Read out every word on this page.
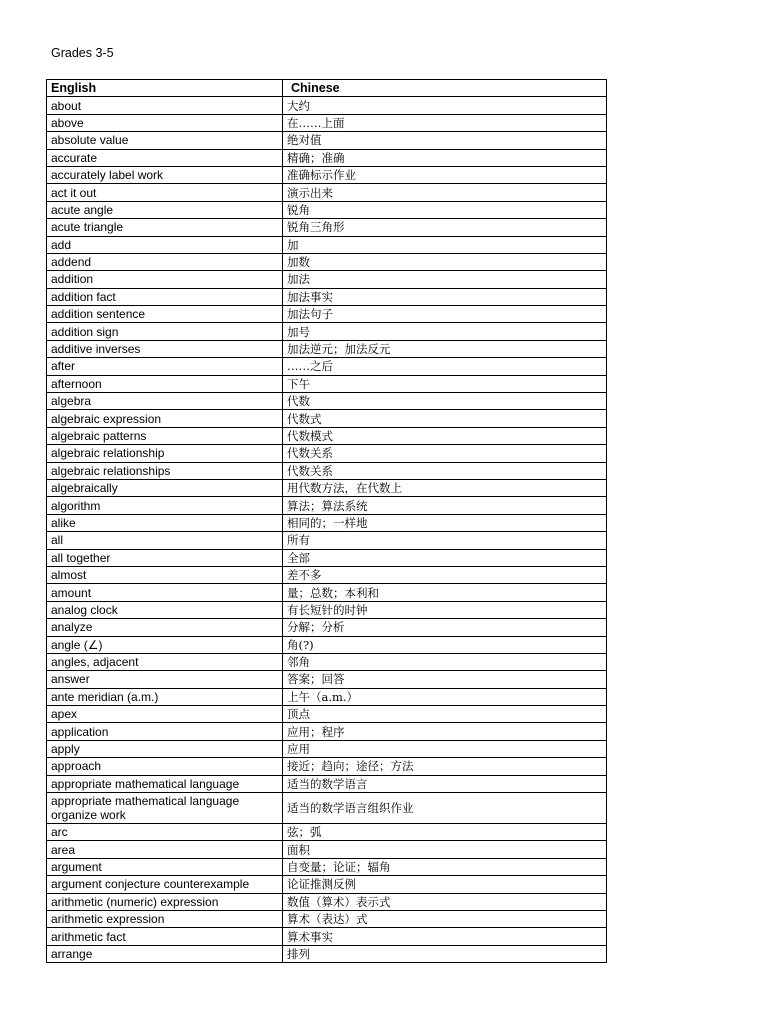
Grades 3-5
English	Chinese
about	大约
above	在……上面
absolute value	绝对值
accurate	精确；准确
accurately label work	准确标示作业
act it out	演示出来
acute angle	锐角
acute triangle	锐角三角形
add	加
addend	加数
addition	加法
addition fact	加法事实
addition sentence	加法句子
addition sign	加号
additive inverses	加法逆元；加法反元
after	……之后
afternoon	下午
algebra	代数
algebraic expression	代数式
algebraic patterns	代数模式
algebraic relationship	代数关系
algebraic relationships	代数关系
algebraically	用代数方法，在代数上
algorithm	算法；算法系统
alike	相同的；一样地
all	所有
all together	全部
almost	差不多
amount	量；总数；本利和
analog clock	有长短针的时钟
analyze	分解；分析
angle (∠)	角(?)
angles, adjacent	邻角
answer	答案；回答
ante meridian (a.m.)	上午（a.m.）
apex	顶点
application	应用；程序
apply	应用
approach	接近；趋向；途径；方法
appropriate mathematical language	适当的数学语言
appropriate mathematical language organize work	适当的数学语言组织作业
arc	弦；弧
area	面积
argument	自变量；论证；辐角
argument conjecture counterexample	论证推测反例
arithmetic (numeric) expression	数值（算术）表示式
arithmetic expression	算术（表达）式
arithmetic fact	算术事实
arrange	排列
